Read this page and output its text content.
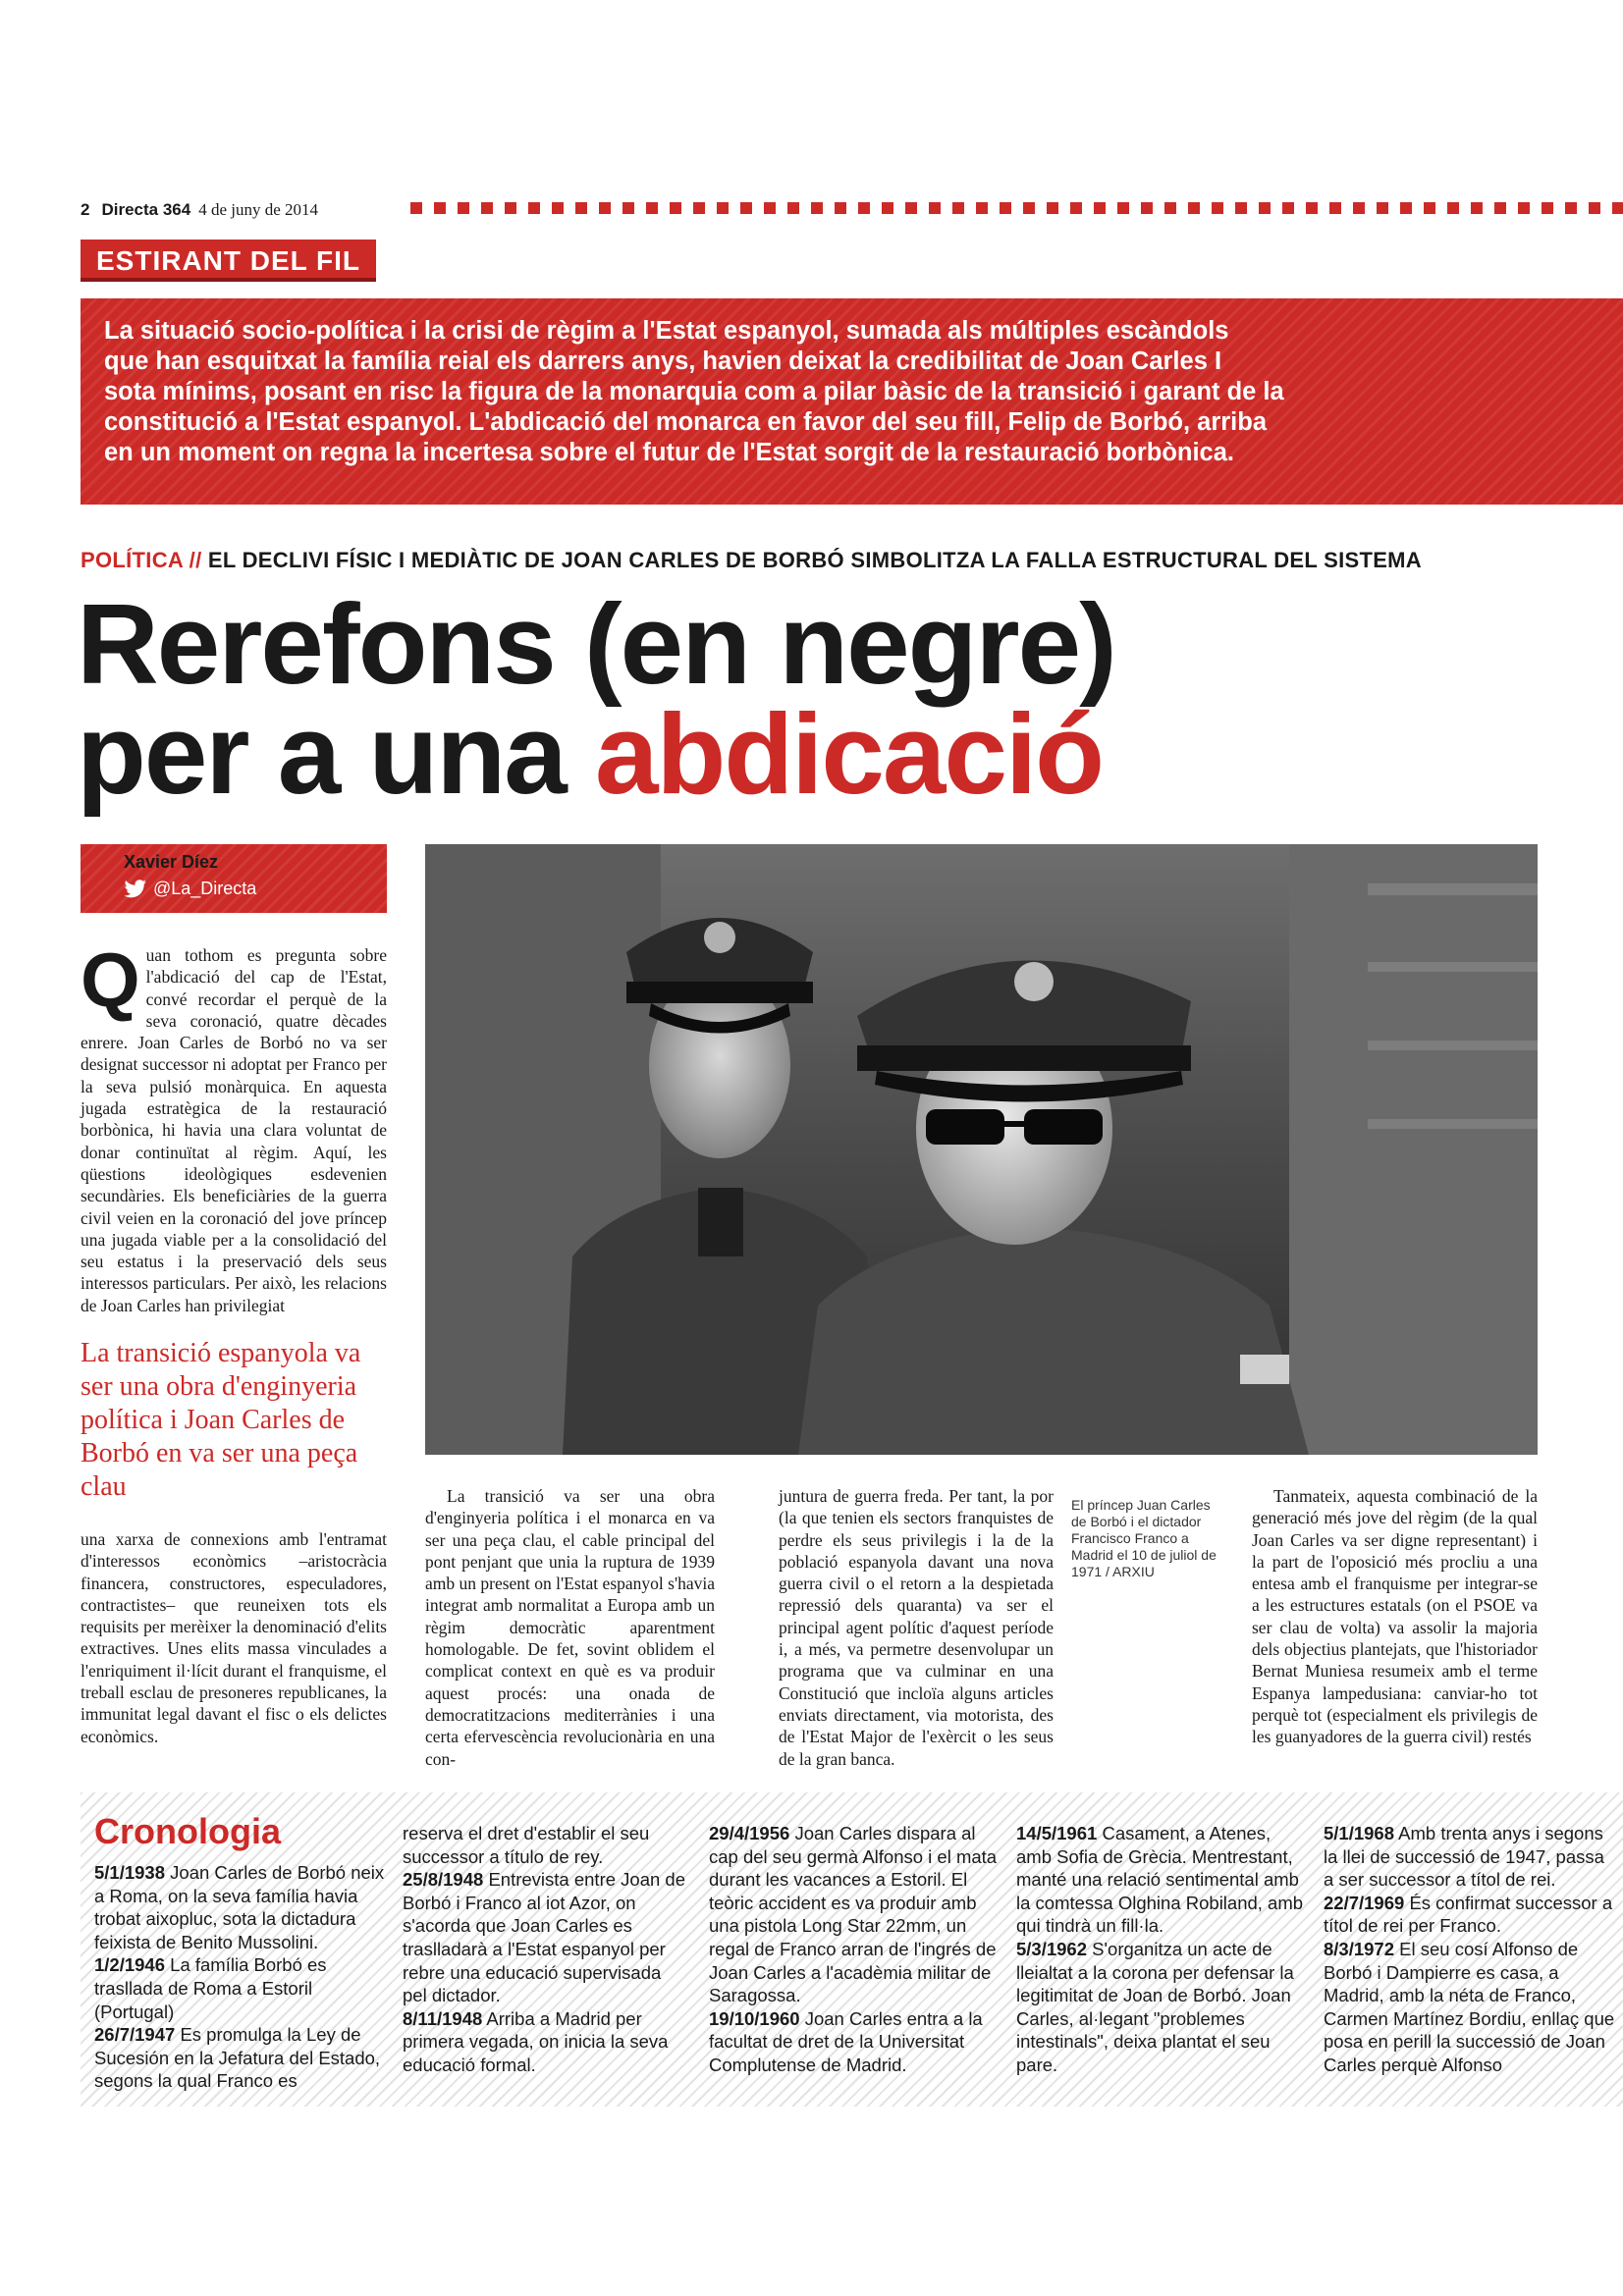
2 Directa 364 4 de juny de 2014
ESTIRANT DEL FIL
La situació socio-política i la crisi de règim a l'Estat espanyol, sumada als múltiples escàndols
que han esquitxat la família reial els darrers anys, havien deixat la credibilitat de Joan Carles I
sota mínims, posant en risc la figura de la monarquia com a pilar bàsic de la transició i garant de la
constitució a l'Estat espanyol. L'abdicació del monarca en favor del seu fill, Felip de Borbó, arriba
en un moment on regna la incertesa sobre el futur de l'Estat sorgit de la restauració borbònica.
POLÍTICA // EL DECLIVI FÍSIC I MEDIÀTIC DE JOAN CARLES DE BORBÓ SIMBOLITZA LA FALLA ESTRUCTURAL DEL SISTEMA
Rerefons (en negre)
per a una abdicació
Xavier Díez
@La_Directa
Q uan tothom es pregunta sobre l'abdicació del cap de l'Estat, convé recordar el perquè de la seva coronació, quatre dècades enrere. Joan Carles de Borbó no va ser designat successor ni adoptat per Franco per la seva pulsió monàrquica. En aquesta jugada estratègica de la restauració borbònica, hi havia una clara voluntat de donar continuïtat al règim. Aquí, les qüestions ideològiques esdevenien secundàries. Els beneficiàries de la guerra civil veien en la coronació del jove príncep una jugada viable per a la consolidació del seu estatus i la preservació dels seus interessos particulars. Per això, les relacions de Joan Carles han privilegiat

La transició espanyola va ser una obra d'enginyeria política i Joan Carles de Borbó en va ser una peça clau

una xarxa de connexions amb l'entramat d'interessos econòmics –aristocràcia financera, constructores, especuladores, contractistes– que reuneixen tots els requisits per merèixer la denominació d'elits extractives. Unes elits massa vinculades a l'enriquiment il·lícit durant el franquisme, el treball esclau de presoneres republicanes, la immunitat legal davant el fisc o els delictes econòmics.

La transició va ser una obra d'enginyeria política i el monarca en va ser una peça clau, el cable principal del pont penjant que unia la ruptura de 1939 amb un present on l'Estat espanyol s'havia integrat amb normalitat a Europa amb un règim democràtic aparentment homologable. De fet, sovint oblidem el complicat context en què es va produir aquest procés: una onada de democratitzacions mediterrànies i una certa efervescència revolucionària en una con-

juntura de guerra freda. Per tant, la por (la que tenien els sectors franquistes de perdre els seus privilegis i la de la població espanyola davant una nova guerra civil o el retorn a la despietada repressió dels quaranta) va ser el principal agent polític d'aquest període i, a més, va permetre desenvolupar un programa que va culminar en una Constitució que incloïa alguns articles enviats directament, via motorista, des de l'Estat Major de l'exèrcit o les seus de la gran banca.

El príncep Juan Carles de Borbó i el dictador Francisco Franco a Madrid el 10 de juliol de 1971 / ARXIU

Tanmateix, aquesta combinació de la generació més jove del règim (de la qual Joan Carles va ser digne representant) i la part de l'oposició més procliu a una entesa amb el franquisme per integrar-se a les estructures estatals (on el PSOE va ser clau de volta) va assolir la majoria dels objectius plantejats, que l'historiador Bernat Muniesa resumeix amb el terme Espanya lampedusiana: canviar-ho tot perquè tot (especialment els privilegis de les guanyadores de la guerra civil) restés

Cronologia

5/1/1938 Joan Carles de Borbó neix a Roma, on la seva família havia trobat aixopluc, sota la dictadura feixista de Benito Mussolini.

1/2/1946 La família Borbó es trasllada de Roma a Estoril (Portugal)

26/7/1947 Es promulga la Ley de Sucesión en la Jefatura del Estado, segons la qual Franco es

reserva el dret d'establir el seu successor a título de rey.

25/8/1948 Entrevista entre Joan de Borbó i Franco al iot Azor, on s'acorda que Joan Carles es traslladarà a l'Estat espanyol per rebre una educació supervisada pel dictador.

8/11/1948 Arriba a Madrid per primera vegada, on inicia la seva educació formal.

29/4/1956 Joan Carles dispara al cap del seu germà Alfonso i el mata durant les vacances a Estoril. El teòric accident es va produir amb una pistola Long Star 22mm, un regal de Franco arran de l'ingrés de Joan Carles a l'acadèmia militar de Saragossa.

19/10/1960 Joan Carles entra a la facultat de dret de la Universitat Complutense de Madrid.

14/5/1961 Casament, a Atenes, amb Sofia de Grècia. Mentrestant, manté una relació sentimental amb la comtessa Olghina Robiland, amb qui tindrà un fill·la.

5/3/1962 S'organitza un acte de lleialtat a la corona per defensar la legitimitat de Joan de Borbó. Joan Carles, al·legant "problemes intestinals", deixa plantat el seu pare.

5/1/1968 Amb trenta anys i segons la llei de successió de 1947, passa a ser successor a títol de rei.

22/7/1969 És confirmat successor a títol de rei per Franco.

8/3/1972 El seu cosí Alfonso de Borbó i Dampierre es casa, a Madrid, amb la néta de Franco, Carmen Martínez Bordiu, enllaç que posa en perill la successió de Joan Carles perquè Alfonso
